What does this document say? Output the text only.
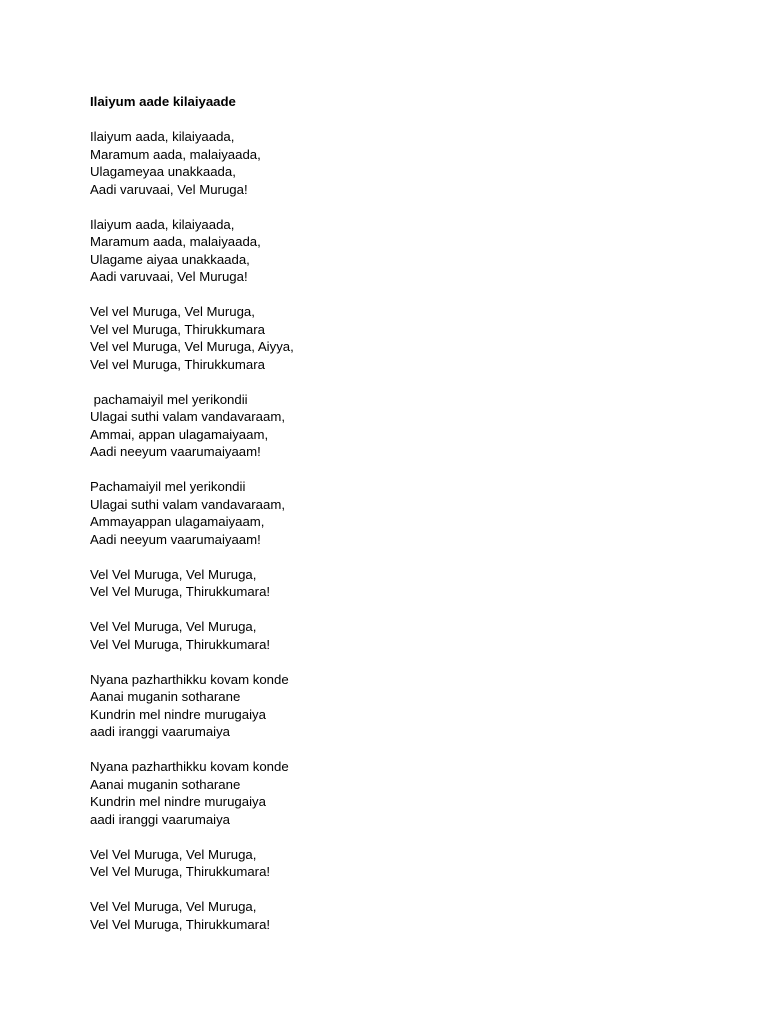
Ilaiyum aade kilaiyaade
Ilaiyum aada, kilaiyaada,
Maramum aada, malaiyaada,
Ulagameyaa unakkaada,
Aadi varuvaai, Vel Muruga!
Ilaiyum aada, kilaiyaada,
Maramum aada, malaiyaada,
Ulagame aiyaa unakkaada,
Aadi varuvaai, Vel Muruga!
Vel vel Muruga, Vel Muruga,
Vel vel Muruga, Thirukkumara
Vel vel Muruga, Vel Muruga, Aiyya,
Vel vel Muruga, Thirukkumara
pachamaiyil mel yerikondii
Ulagai suthi valam vandavaraam,
Ammai, appan ulagamaiyaam,
Aadi neeyum vaarumaiyaam!
Pachamaiyil mel yerikondii
Ulagai suthi valam vandavaraam,
Ammayappan ulagamaiyaam,
Aadi neeyum vaarumaiyaam!
Vel Vel Muruga, Vel Muruga,
Vel Vel Muruga, Thirukkumara!
Vel Vel Muruga, Vel Muruga,
Vel Vel Muruga, Thirukkumara!
Nyana pazharthikku kovam konde
Aanai muganin sotharane
Kundrin mel nindre murugaiya
aadi iranggi vaarumaiya
Nyana pazharthikku kovam konde
Aanai muganin sotharane
Kundrin mel nindre murugaiya
aadi iranggi vaarumaiya
Vel Vel Muruga, Vel Muruga,
Vel Vel Muruga, Thirukkumara!
Vel Vel Muruga, Vel Muruga,
Vel Vel Muruga, Thirukkumara!
